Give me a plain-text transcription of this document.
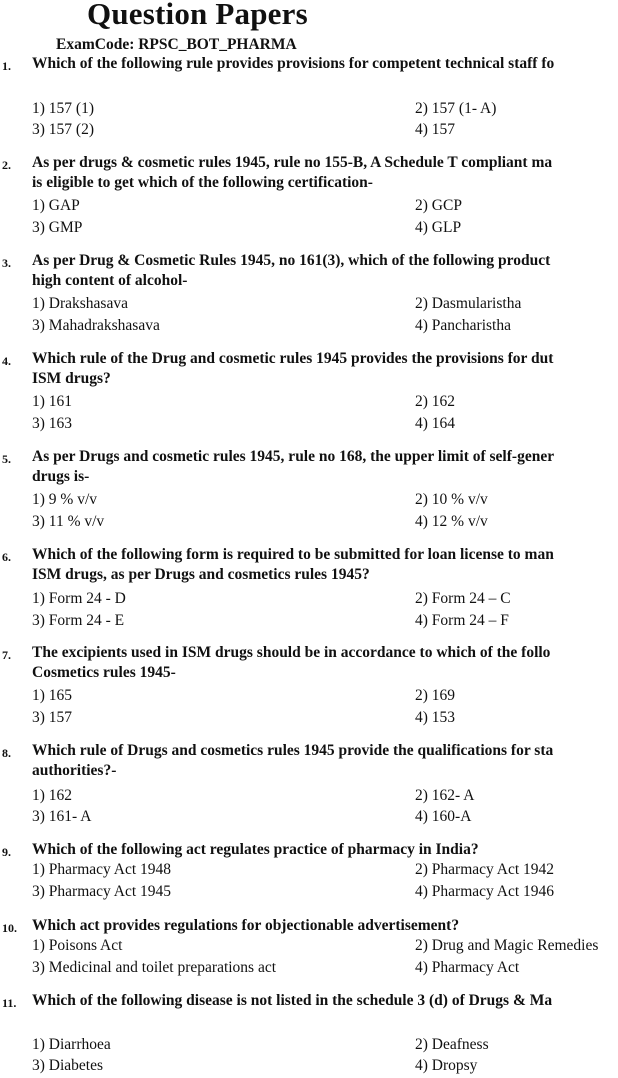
Question Papers
ExamCode: RPSC_BOT_PHARMA
1. Which of the following rule provides provisions for competent technical staff fo
1) 157 (1)	2) 157 (1- A)
3) 157 (2)	4) 157
2. As per drugs & cosmetic rules 1945, rule no 155-B, A Schedule T compliant ma
is eligible to get which of the following certification-
1) GAP	2) GCP
3) GMP	4) GLP
3. As per Drug & Cosmetic Rules 1945, no 161(3), which of the following product
high content of alcohol-
1) Drakshasava	2) Dasmularistha
3) Mahadrakshasava	4) Pancharistha
4. Which rule of the Drug and cosmetic rules 1945 provides the provisions for dut
ISM drugs?
1) 161	2) 162
3) 163	4) 164
5. As per Drugs and cosmetic rules 1945, rule no 168, the upper limit of self-gener
drugs is-
1) 9 % v/v	2) 10 % v/v
3) 11 % v/v	4) 12 % v/v
6. Which of the following form is required to be submitted for loan license to man
ISM drugs, as per Drugs and cosmetics rules 1945?
1) Form 24 - D	2) Form 24 – C
3) Form 24 - E	4) Form 24 – F
7. The excipients used in ISM drugs should be in accordance to which of the follo
Cosmetics rules 1945-
1) 165	2) 169
3) 157	4) 153
8. Which rule of Drugs and cosmetics rules 1945 provide the qualifications for sta
authorities?-
1) 162	2) 162- A
3) 161- A	4) 160-A
9. Which of the following act regulates practice of pharmacy in India?
1) Pharmacy Act 1948	2) Pharmacy Act 1942
3) Pharmacy Act 1945	4) Pharmacy Act 1946
10. Which act provides regulations for objectionable advertisement?
1) Poisons Act	2) Drug and Magic Remedies
3) Medicinal and toilet preparations act	4) Pharmacy Act
11. Which of the following disease is not listed in the schedule 3 (d) of Drugs & Ma
1) Diarrhoea	2) Deafness
3) Diabetes	4) Dropsy
